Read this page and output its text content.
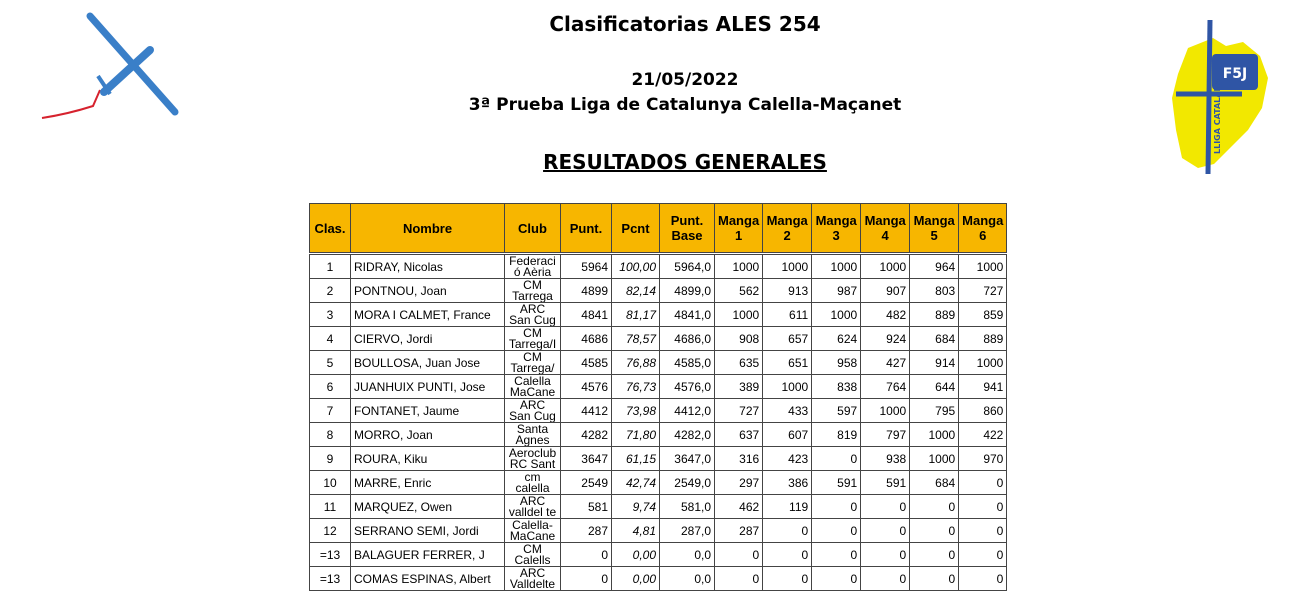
F5J
LLIGA CATALANA
Clasificatorias ALES 254
21/05/2022
3ª Prueba Liga de Catalunya Calella-Maçanet
RESULTADOS GENERALES
Clas.	Nombre	Club	Punt.	Pcnt	Punt. Base	Manga 1	Manga 2	Manga 3	Manga 4	Manga 5	Manga 6
1	RIDRAY, Nicolas	Federaci ó Aèria	5964	100,00	5964,0	1000	1000	1000	1000	964	1000
2	PONTNOU, Joan	CM Tarrega	4899	82,14	4899,0	562	913	987	907	803	727
3	MORA I CALMET, France	ARC San Cug	4841	81,17	4841,0	1000	611	1000	482	889	859
4	CIERVO, Jordi	CM Tarrega/I	4686	78,57	4686,0	908	657	624	924	684	889
5	BOULLOSA, Juan Jose	CM Tarrega/	4585	76,88	4585,0	635	651	958	427	914	1000
6	JUANHUIX PUNTI, Jose	Calella MaCane	4576	76,73	4576,0	389	1000	838	764	644	941
7	FONTANET, Jaume	ARC San Cug	4412	73,98	4412,0	727	433	597	1000	795	860
8	MORRO, Joan	Santa Agnes	4282	71,80	4282,0	637	607	819	797	1000	422
9	ROURA, Kiku	Aeroclub RC Sant	3647	61,15	3647,0	316	423	0	938	1000	970
10	MARRE, Enric	cm calella	2549	42,74	2549,0	297	386	591	591	684	0
11	MARQUEZ, Owen	ARC valldel te	581	9,74	581,0	462	119	0	0	0	0
12	SERRANO SEMI, Jordi	Calella-MaCane	287	4,81	287,0	287	0	0	0	0	0
=13	BALAGUER FERRER, J	CM Calells	0	0,00	0,0	0	0	0	0	0	0
=13	COMAS ESPINAS, Albert	ARC Valldelte	0	0,00	0,0	0	0	0	0	0	0
